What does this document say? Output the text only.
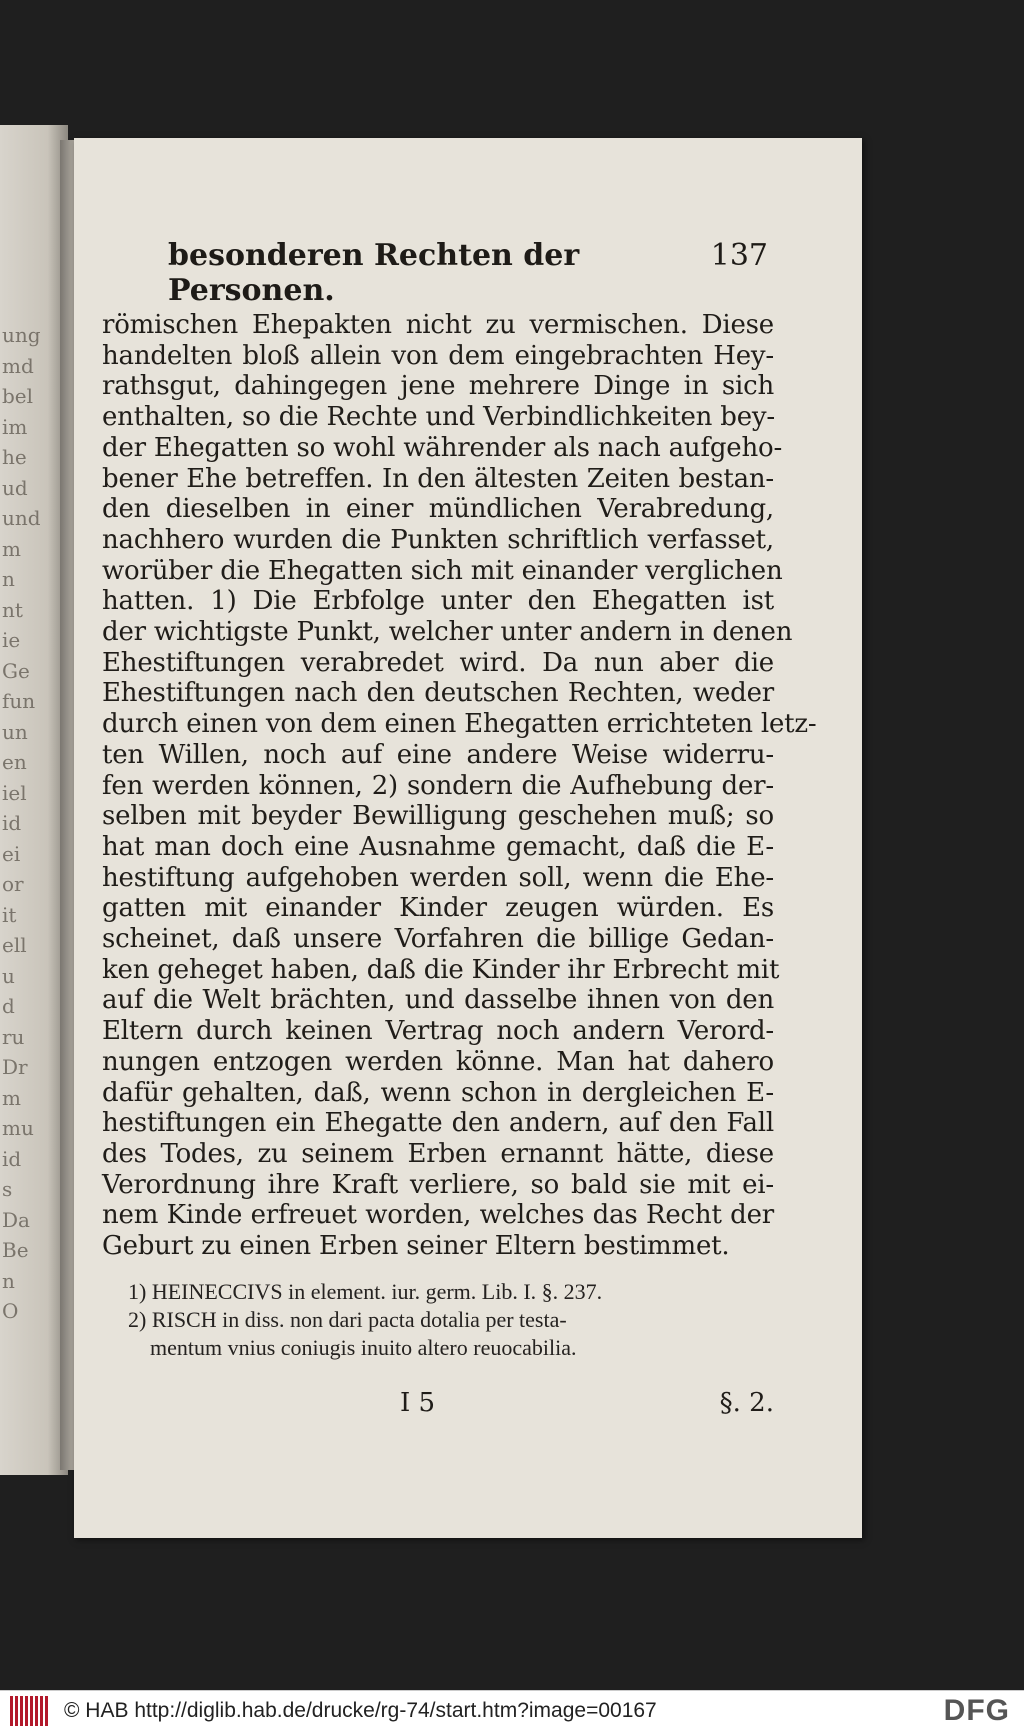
ung
md
bel
im
he
ud
und
m
n
nt
ie
Ge
fun
un
en
iel
id
ei
or
it
ell
u
d
ru
Dr
m
mu
id
s
Da
Be
n
O
besonderen Rechten der Personen.
137
römischen Ehepakten nicht zu vermischen. Diese
handelten bloß allein von dem eingebrachten Hey-
rathsgut, dahingegen jene mehrere Dinge in sich
enthalten, so die Rechte und Verbindlichkeiten bey-
der Ehegatten so wohl währender als nach aufgeho-
bener Ehe betreffen. In den ältesten Zeiten bestan-
den dieselben in einer mündlichen Verabredung,
nachhero wurden die Punkten schriftlich verfasset,
worüber die Ehegatten sich mit einander verglichen
hatten. 1) Die Erbfolge unter den Ehegatten ist
der wichtigste Punkt, welcher unter andern in denen
Ehestiftungen verabredet wird. Da nun aber die
Ehestiftungen nach den deutschen Rechten, weder
durch einen von dem einen Ehegatten errichteten letz-
ten Willen, noch auf eine andere Weise widerru-
fen werden können, 2) sondern die Aufhebung der-
selben mit beyder Bewilligung geschehen muß; so
hat man doch eine Ausnahme gemacht, daß die E-
hestiftung aufgehoben werden soll, wenn die Ehe-
gatten mit einander Kinder zeugen würden. Es
scheinet, daß unsere Vorfahren die billige Gedan-
ken geheget haben, daß die Kinder ihr Erbrecht mit
auf die Welt brächten, und dasselbe ihnen von den
Eltern durch keinen Vertrag noch andern Verord-
nungen entzogen werden könne. Man hat dahero
dafür gehalten, daß, wenn schon in dergleichen E-
hestiftungen ein Ehegatte den andern, auf den Fall
des Todes, zu seinem Erben ernannt hätte, diese
Verordnung ihre Kraft verliere, so bald sie mit ei-
nem Kinde erfreuet worden, welches das Recht der
Geburt zu einen Erben seiner Eltern bestimmet.
1) HEINECCIVS in element. iur. germ. Lib. I. §. 237.
2) RISCH in diss. non dari pacta dotalia per testa-
mentum vnius coniugis inuito altero reuocabilia.
I 5	§. 2.
© HAB http://diglib.hab.de/drucke/rg-74/start.htm?image=00167	DFG
